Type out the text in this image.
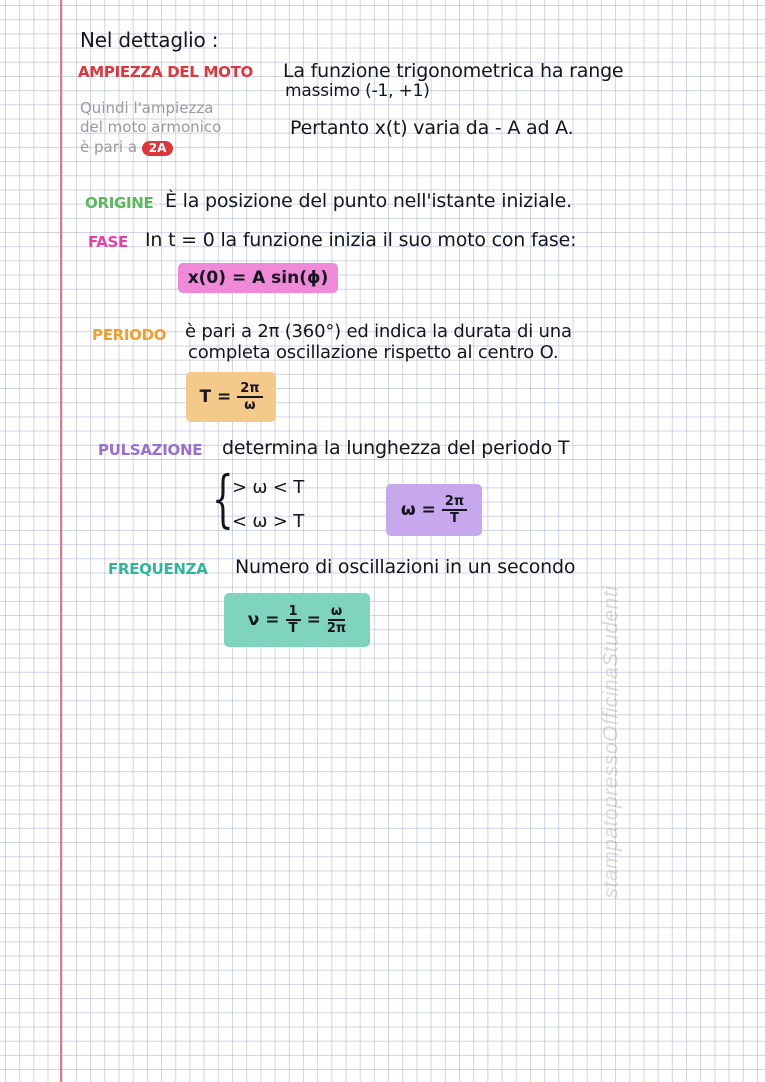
Nel dettaglio :
AMPIEZZA DEL MOTO La funzione trigonometrica ha range
massimo (-1, +1)
Pertanto x(t) varia da - A ad A.
Quindi l'ampiezza
del moto armonico
è pari a 2A
ORIGINE È la posizione del punto nell'istante iniziale.
FASE In t = 0 la funzione inizia il suo moto con fase:
x(0) = A sin(ϕ)
PERIODO è pari a 2π (360°) ed indica la durata di una
completa oscillazione rispetto al centro O.
$T = \frac{2\pi}{\omega}$
PULSAZIONE determina la lunghezza del periodo T
{
> ω < T
< ω > T
$\omega = \frac{2\pi}{T}$
FREQUENZA Numero di oscillazioni in un secondo
$\nu = \frac{1}{T} = \frac{\omega}{2\pi}$	stampatopressoOfficinaStudenti
